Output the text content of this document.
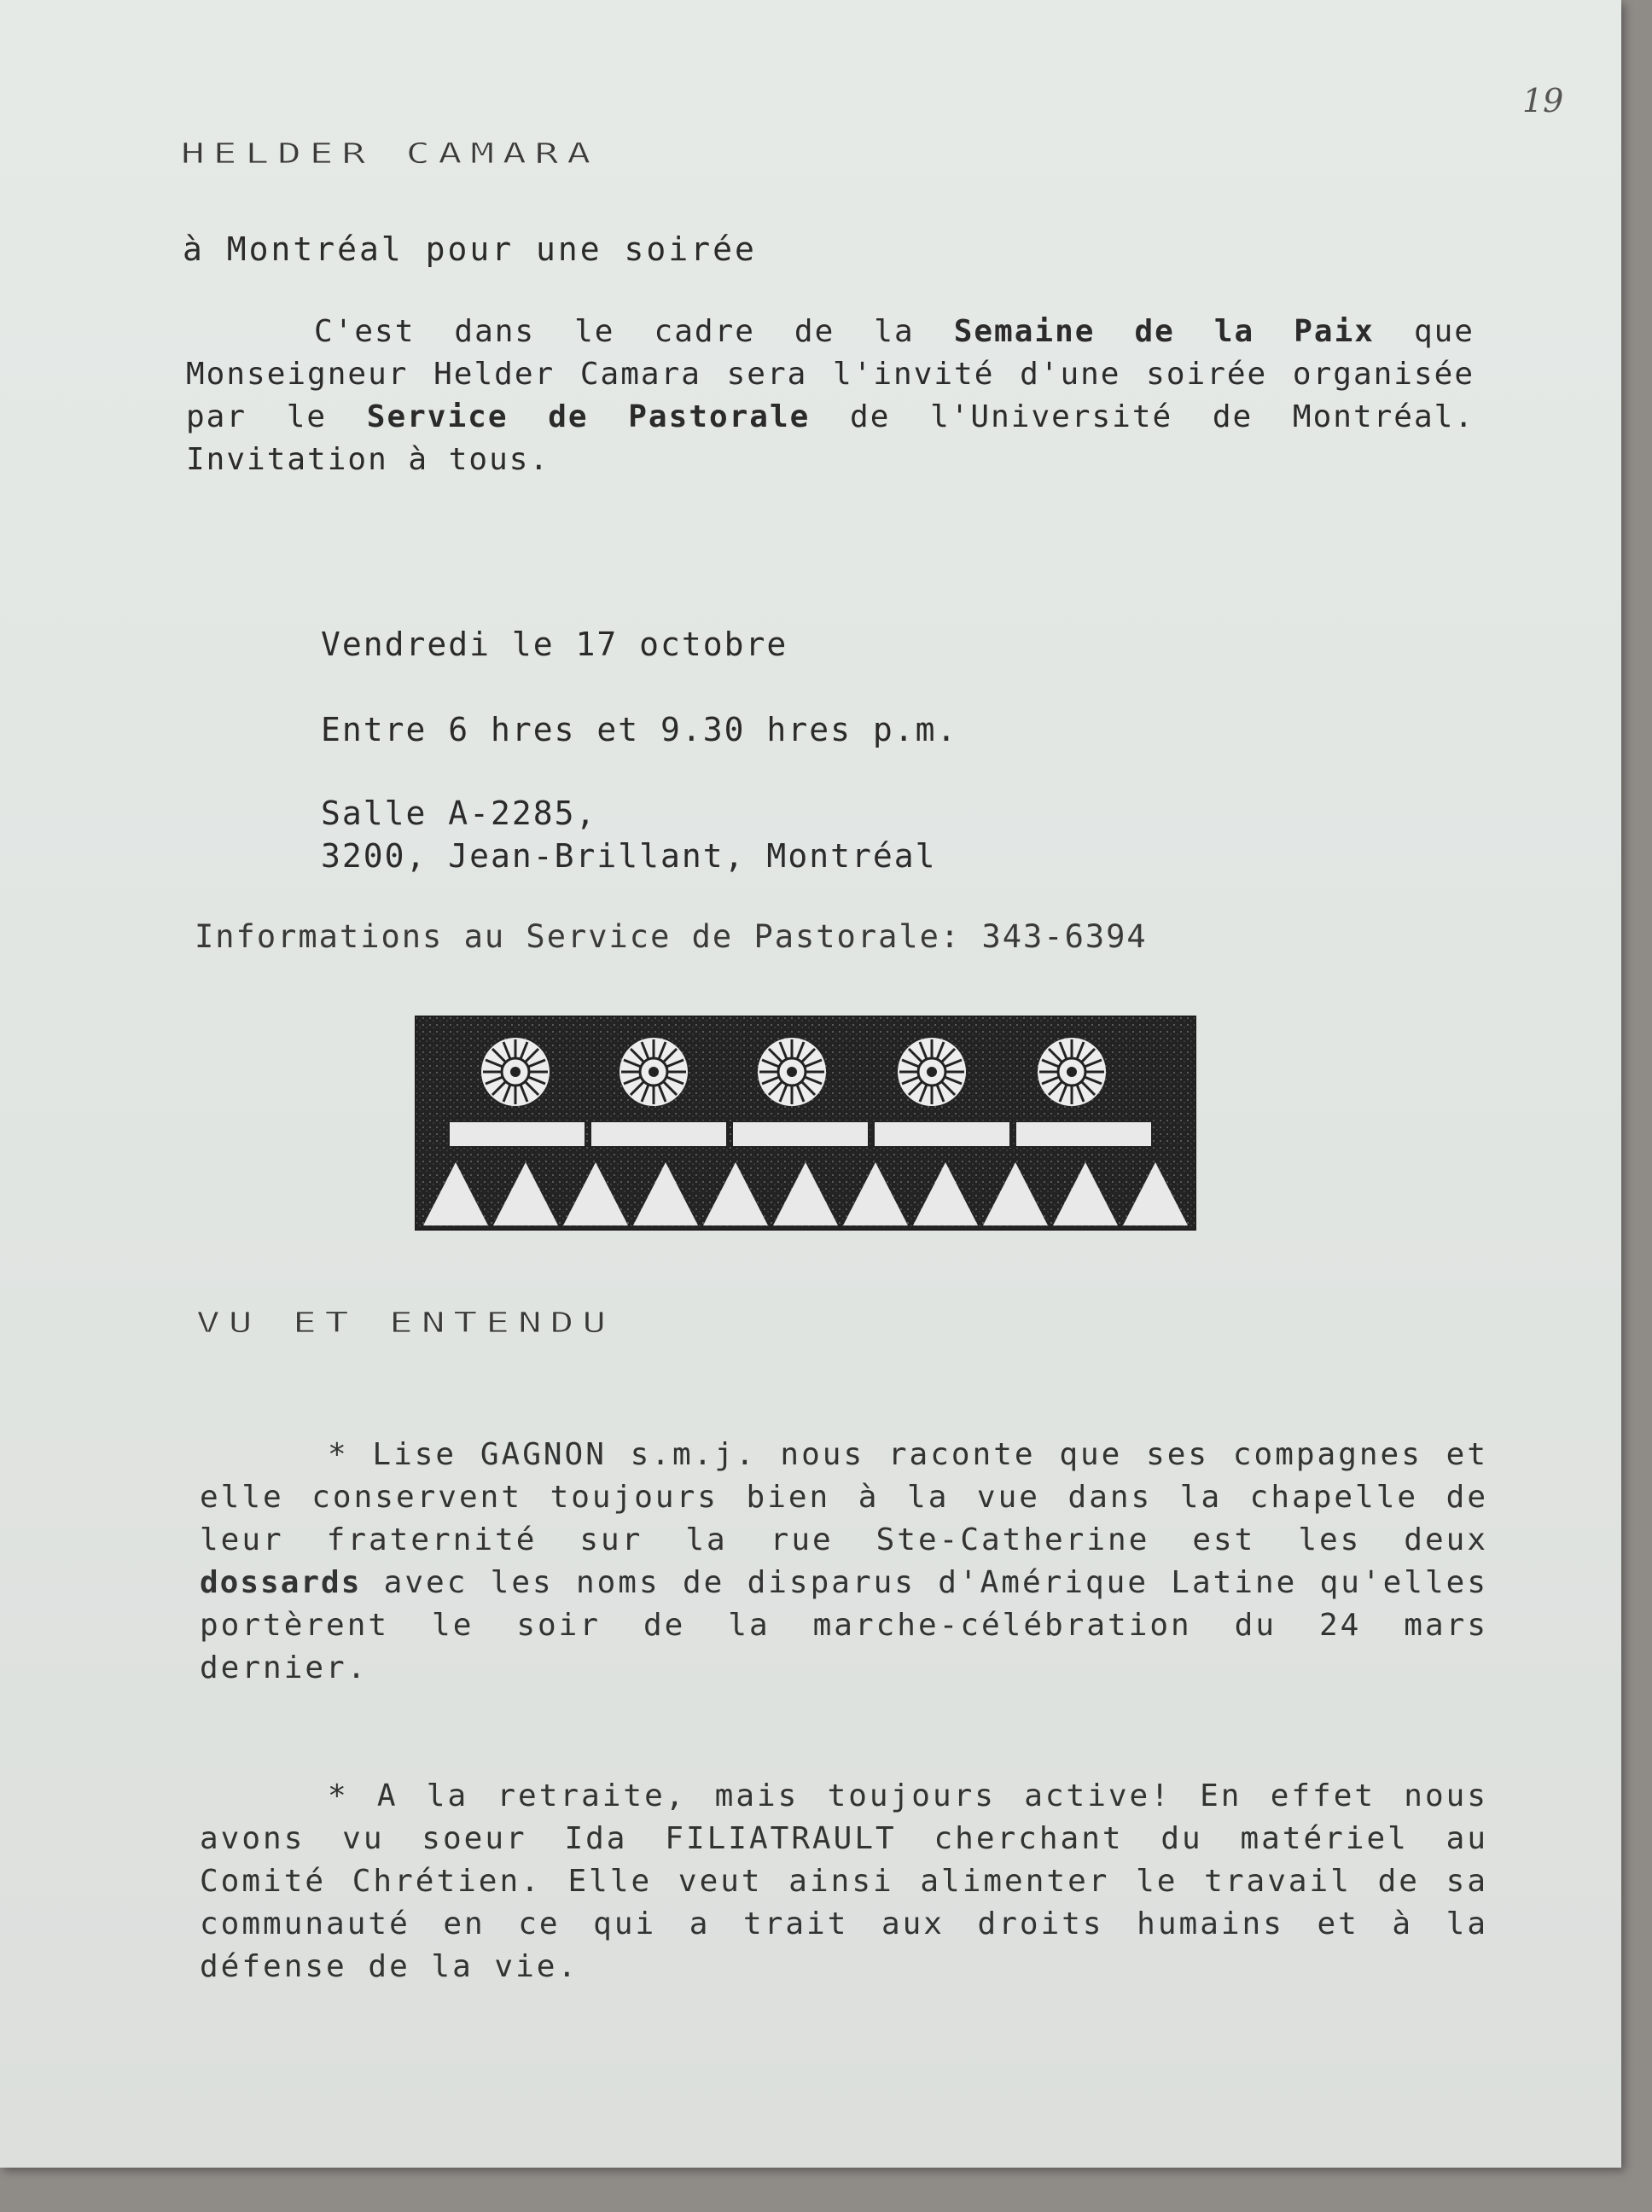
19
HELDER CAMARA
à Montréal pour une soirée
C'est dans le cadre de la Semaine de la Paix que Monseigneur Helder Camara sera l'invité d'une soirée organisée par le Service de Pastorale de l'Université de Montréal. Invitation à tous.
Vendredi le 17 octobre
Entre 6 hres et 9.30 hres p.m.
Salle A-2285,
3200, Jean-Brillant, Montréal
Informations au Service de Pastorale: 343-6394
VU ET ENTENDU
* Lise GAGNON s.m.j. nous raconte que ses compagnes et elle conservent toujours bien à la vue dans la chapelle de leur fraternité sur la rue Ste-Catherine est les deux dossards avec les noms de disparus d'Amérique Latine qu'elles portèrent le soir de la marche-célébration du 24 mars dernier.
* A la retraite, mais toujours active! En effet nous avons vu soeur Ida FILIATRAULT cherchant du matériel au Comité Chrétien. Elle veut ainsi alimenter le travail de sa communauté en ce qui a trait aux droits humains et à la défense de la vie.
